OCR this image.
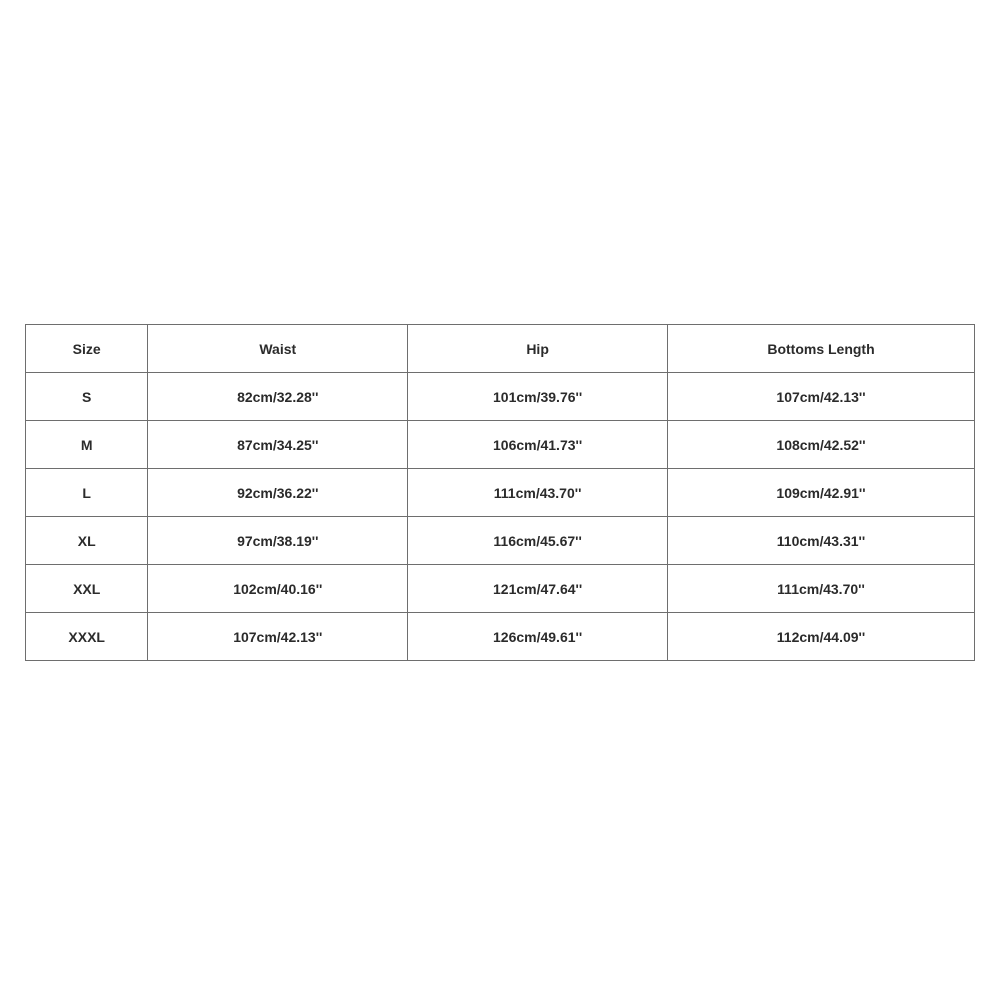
Size	Waist	Hip	Bottoms Length
S	82cm/32.28''	101cm/39.76''	107cm/42.13''
M	87cm/34.25''	106cm/41.73''	108cm/42.52''
L	92cm/36.22''	111cm/43.70''	109cm/42.91''
XL	97cm/38.19''	116cm/45.67''	110cm/43.31''
XXL	102cm/40.16''	121cm/47.64''	111cm/43.70''
XXXL	107cm/42.13''	126cm/49.61''	112cm/44.09''
